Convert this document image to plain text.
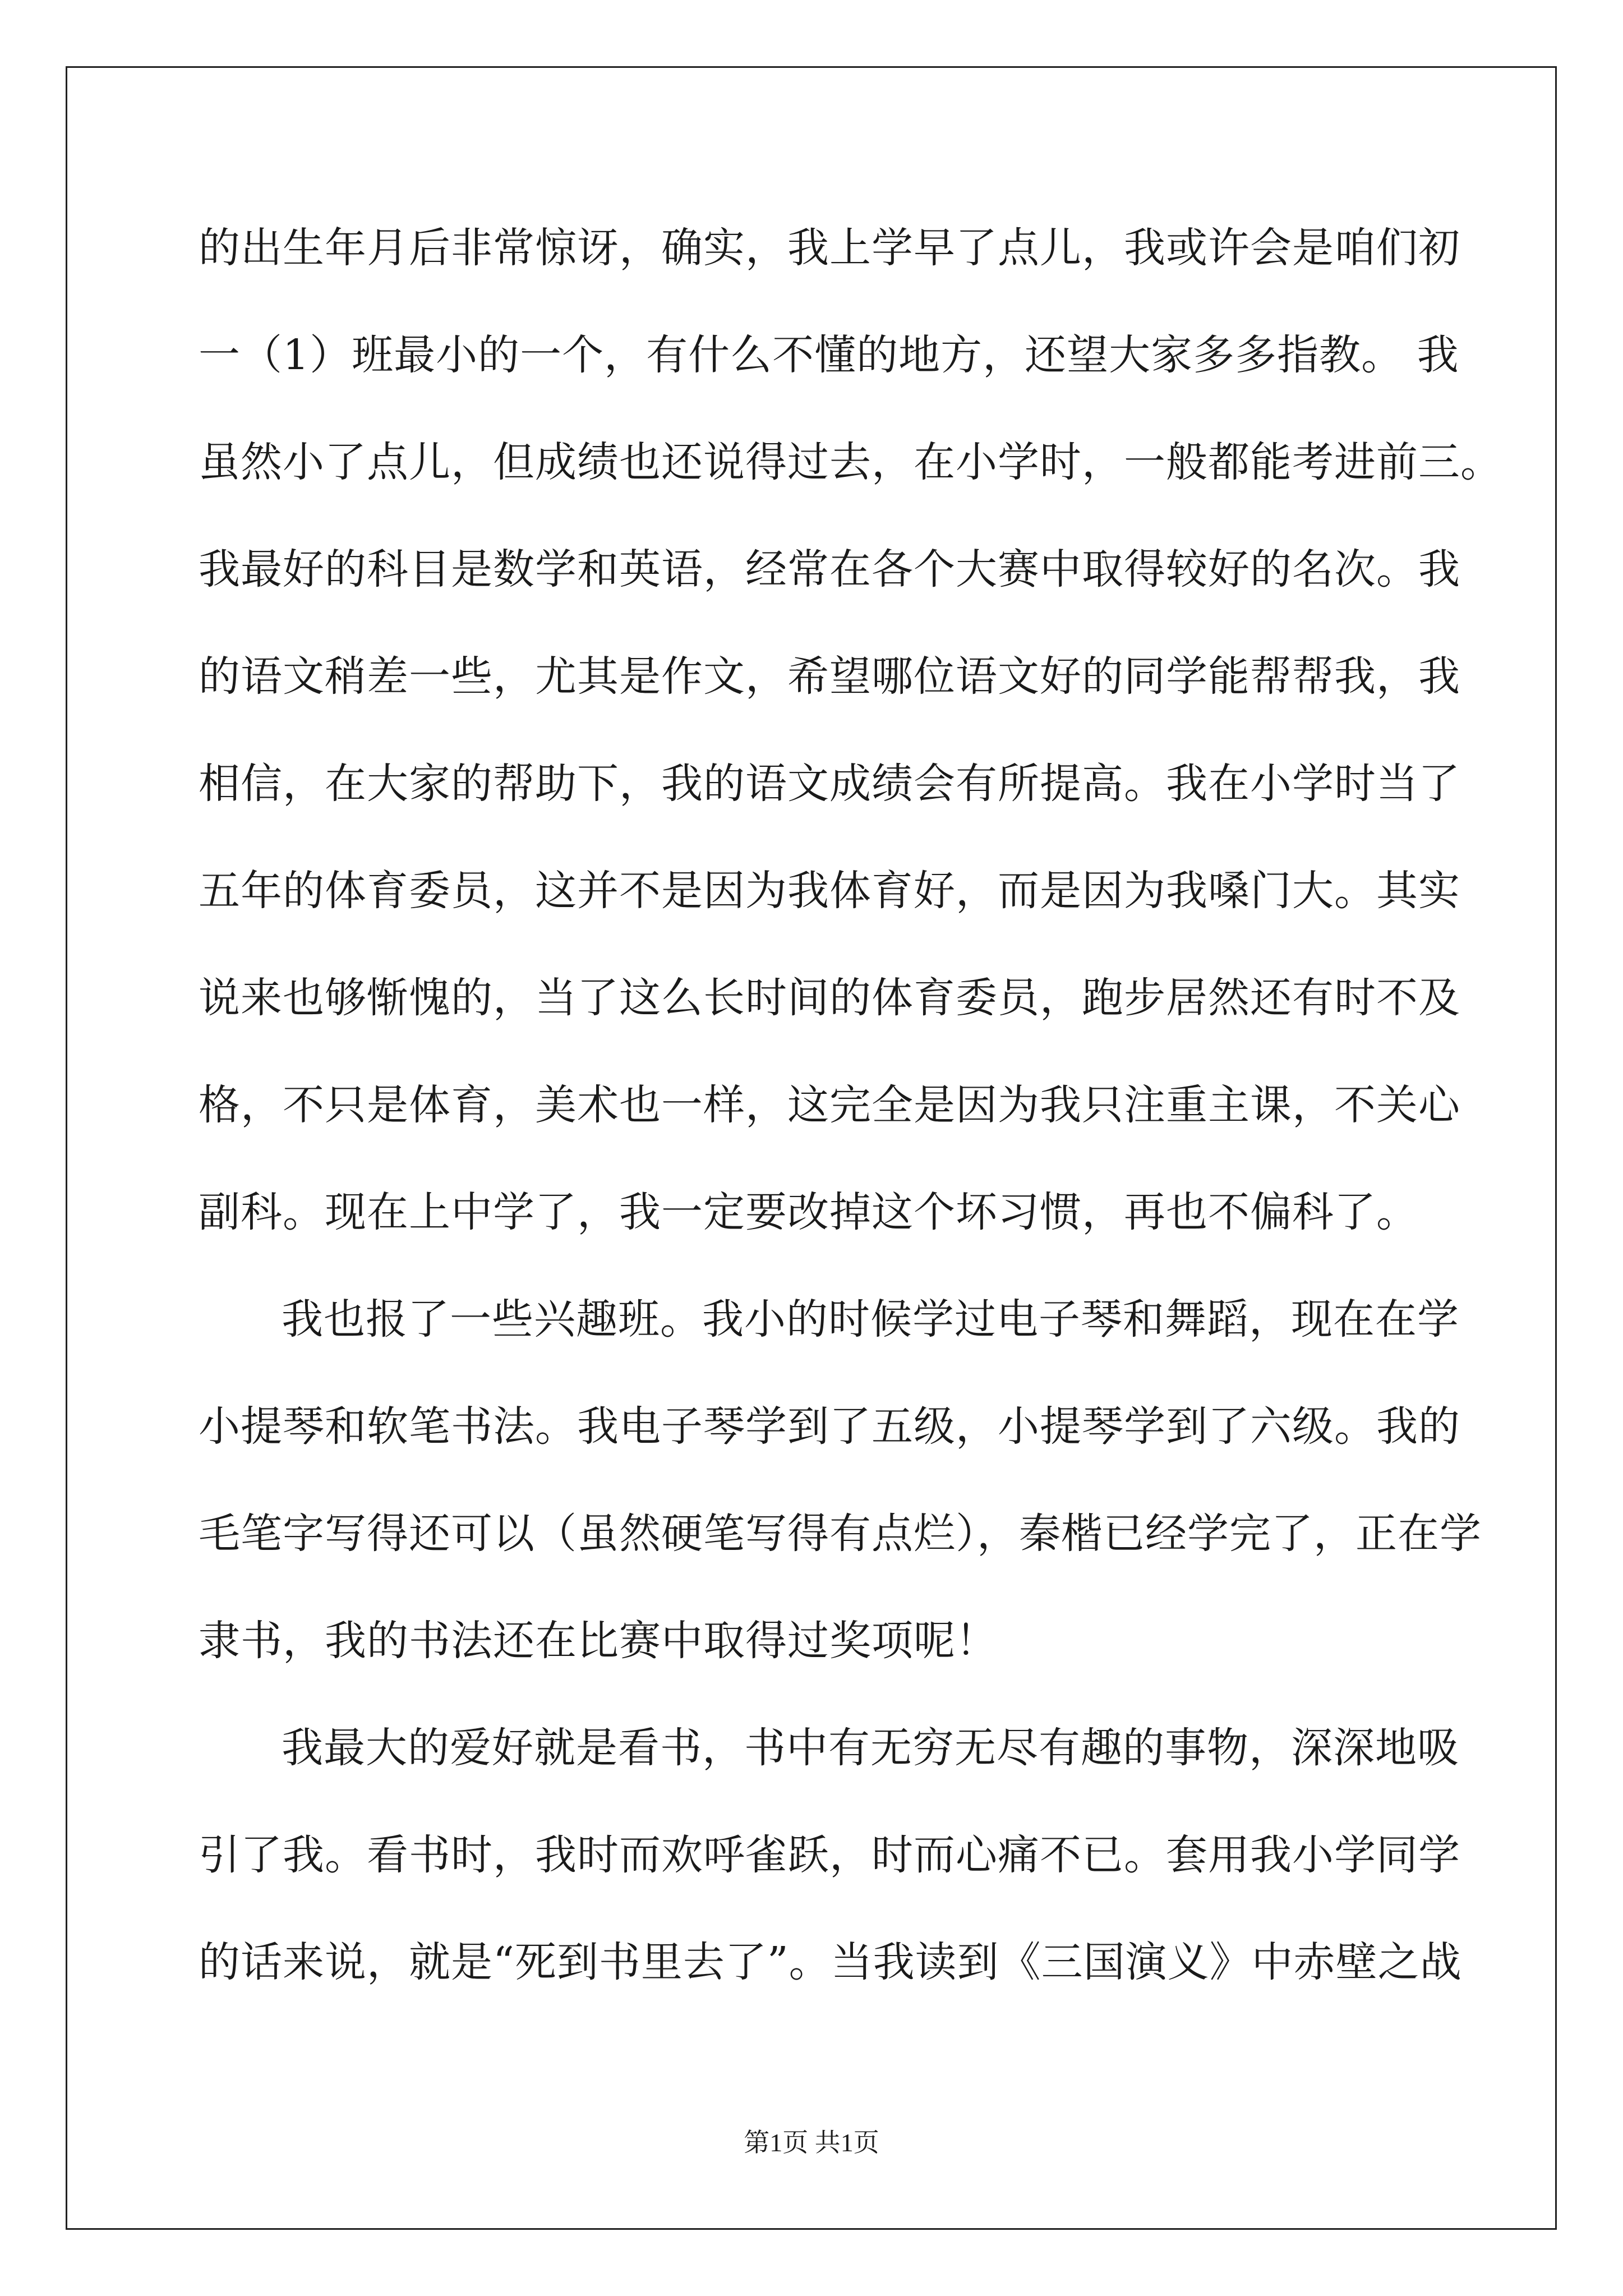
的出生年月后非常惊讶，确实，我上学早了点儿，我或许会是咱们初
一（1）班最小的一个，有什么不懂的地方，还望大家多多指教。 我
虽然小了点儿，但成绩也还说得过去，在小学时，一般都能考进前三。
我最好的科目是数学和英语，经常在各个大赛中取得较好的名次。我
的语文稍差一些，尤其是作文，希望哪位语文好的同学能帮帮我，我
相信，在大家的帮助下，我的语文成绩会有所提高。我在小学时当了
五年的体育委员，这并不是因为我体育好，而是因为我嗓门大。其实
说来也够惭愧的，当了这么长时间的体育委员，跑步居然还有时不及
格，不只是体育，美术也一样，这完全是因为我只注重主课，不关心
副科。现在上中学了，我一定要改掉这个坏习惯，再也不偏科了。
我也报了一些兴趣班。我小的时候学过电子琴和舞蹈，现在在学
小提琴和软笔书法。我电子琴学到了五级，小提琴学到了六级。我的
毛笔字写得还可以（虽然硬笔写得有点烂），秦楷已经学完了，正在学
隶书，我的书法还在比赛中取得过奖项呢！
我最大的爱好就是看书，书中有无穷无尽有趣的事物，深深地吸
引了我。看书时，我时而欢呼雀跃，时而心痛不已。套用我小学同学
的话来说，就是“死到书里去了”。当我读到《三国演义》中赤壁之战
第1页 共1页
